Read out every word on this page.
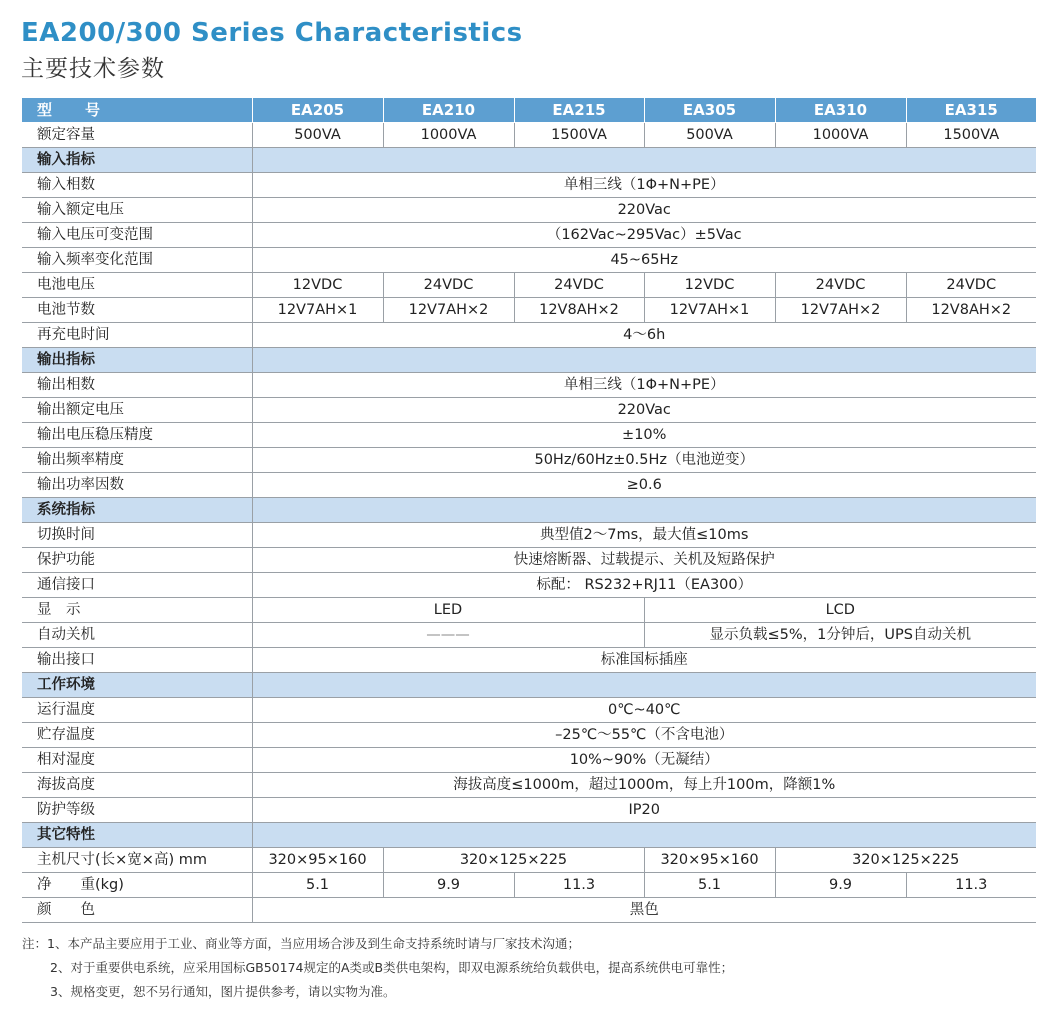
EA200/300 Series Characteristics
主要技术参数
型　　号	EA205	EA210	EA215	EA305	EA310	EA315
额定容量	500VA	1000VA	1500VA	500VA	1000VA	1500VA
输入指标						
输入相数	单相三线（1Φ+N+PE）					
输入额定电压	220Vac					
输入电压可变范围	（162Vac~295Vac）±5Vac					
输入频率变化范围	45~65Hz					
电池电压	12VDC	24VDC	24VDC	12VDC	24VDC	24VDC
电池节数	12V7AH×1	12V7AH×2	12V8AH×2	12V7AH×1	12V7AH×2	12V8AH×2
再充电时间	4～6h					
输出指标						
输出相数	单相三线（1Φ+N+PE）					
输出额定电压	220Vac					
输出电压稳压精度	±10%					
输出频率精度	50Hz/60Hz±0.5Hz（电池逆变）					
输出功率因数	≥0.6					
系统指标						
切换时间	典型值2～7ms，最大值≤10ms					
保护功能	快速熔断器、过载提示、关机及短路保护					
通信接口	标配： RS232+RJ11（EA300）					
显　示	LED			LCD		
自动关机	———			显示负载≤5%，1分钟后，UPS自动关机		
输出接口	标准国标插座					
工作环境						
运行温度	0℃~40℃					
贮存温度	–25℃～55℃（不含电池）					
相对湿度	10%~90%（无凝结）					
海拔高度	海拔高度≤1000m，超过1000m，每上升100m，降额1%					
防护等级	IP20					
其它特性						
主机尺寸(长×宽×高) mm	320×95×160	320×125×225		320×95×160	320×125×225	
净　　重(kg)	5.1	9.9	11.3	5.1	9.9	11.3
颜　　色	黑色					
注：1、本产品主要应用于工业、商业等方面，当应用场合涉及到生命支持系统时请与厂家技术沟通；
2、对于重要供电系统，应采用国标GB50174规定的A类或B类供电架构，即双电源系统给负载供电，提高系统供电可靠性；
3、规格变更，恕不另行通知，图片提供参考，请以实物为准。
